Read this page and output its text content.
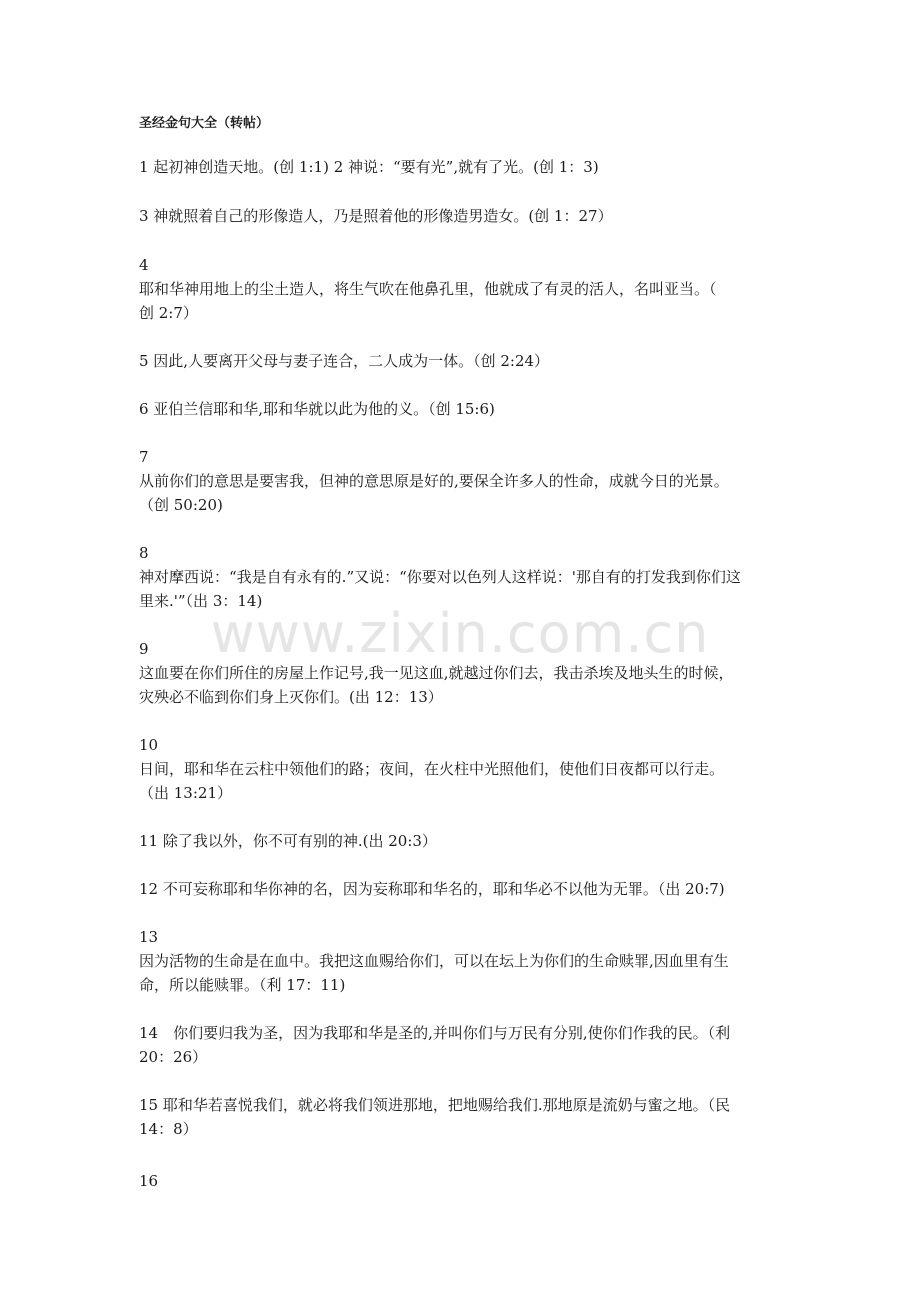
圣经金句大全（转帖）
1 起初神创造天地。(创 1:1) 2 神说：“要有光”,就有了光。(创 1：3)
3 神就照着自己的形像造人，乃是照着他的形像造男造女。(创 1：27）
4
耶和华神用地上的尘土造人，将生气吹在他鼻孔里，他就成了有灵的活人，名叫亚当。（
创 2:7）
5 因此,人要离开父母与妻子连合，二人成为一体。（创 2:24）
6 亚伯兰信耶和华,耶和华就以此为他的义。（创 15:6)
7
从前你们的意思是要害我，但神的意思原是好的,要保全许多人的性命，成就今日的光景。
（创 50:20)
8
神对摩西说：“我是自有永有的.”又说：“你要对以色列人这样说：'那自有的打发我到你们这
里来.'”（出 3：14)
9
这血要在你们所住的房屋上作记号,我一见这血,就越过你们去，我击杀埃及地头生的时候，
灾殃必不临到你们身上灭你们。(出 12：13）
10
日间，耶和华在云柱中领他们的路；夜间，在火柱中光照他们，使他们日夜都可以行走。
（出 13:21）
11 除了我以外，你不可有别的神.(出 20:3）
12 不可妄称耶和华你神的名，因为妄称耶和华名的，耶和华必不以他为无罪。（出 20:7)
13
因为活物的生命是在血中。我把这血赐给你们，可以在坛上为你们的生命赎罪,因血里有生
命，所以能赎罪。（利 17：11)
14　你们要归我为圣，因为我耶和华是圣的,并叫你们与万民有分别,使你们作我的民。（利
20：26）
15 耶和华若喜悦我们，就必将我们领进那地，把地赐给我们.那地原是流奶与蜜之地。（民
14：8）
16
www.zixin.com.cn
